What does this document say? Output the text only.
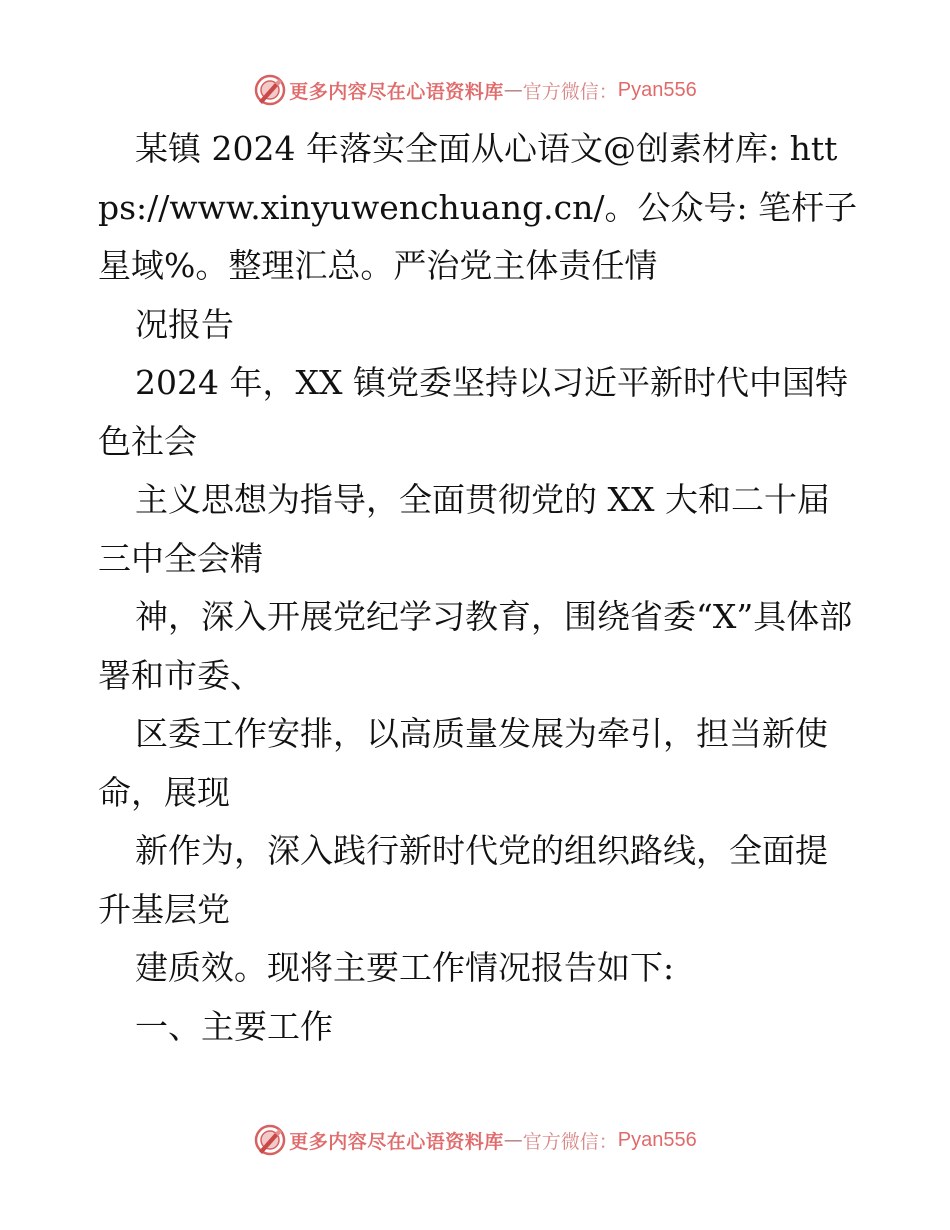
更多内容尽在心语资料库 — 官方微信： Pyan556

某镇 2024 年落实全面从心语文@创素材库: https://www.xinyuwenchuang.cn/。公众号: 笔杆子星域%。整理汇总。严治党主体责任情

况报告

2024 年，XX 镇党委坚持以习近平新时代中国特色社会

主义思想为指导，全面贯彻党的 XX 大和二十届三中全会精

神，深入开展党纪学习教育，围绕省委“X”具体部署和市委、

区委工作安排，以高质量发展为牵引，担当新使命，展现

新作为，深入践行新时代党的组织路线，全面提升基层党

建质效。现将主要工作情况报告如下:

一、主要工作

更多内容尽在心语资料库 — 官方微信： Pyan556
